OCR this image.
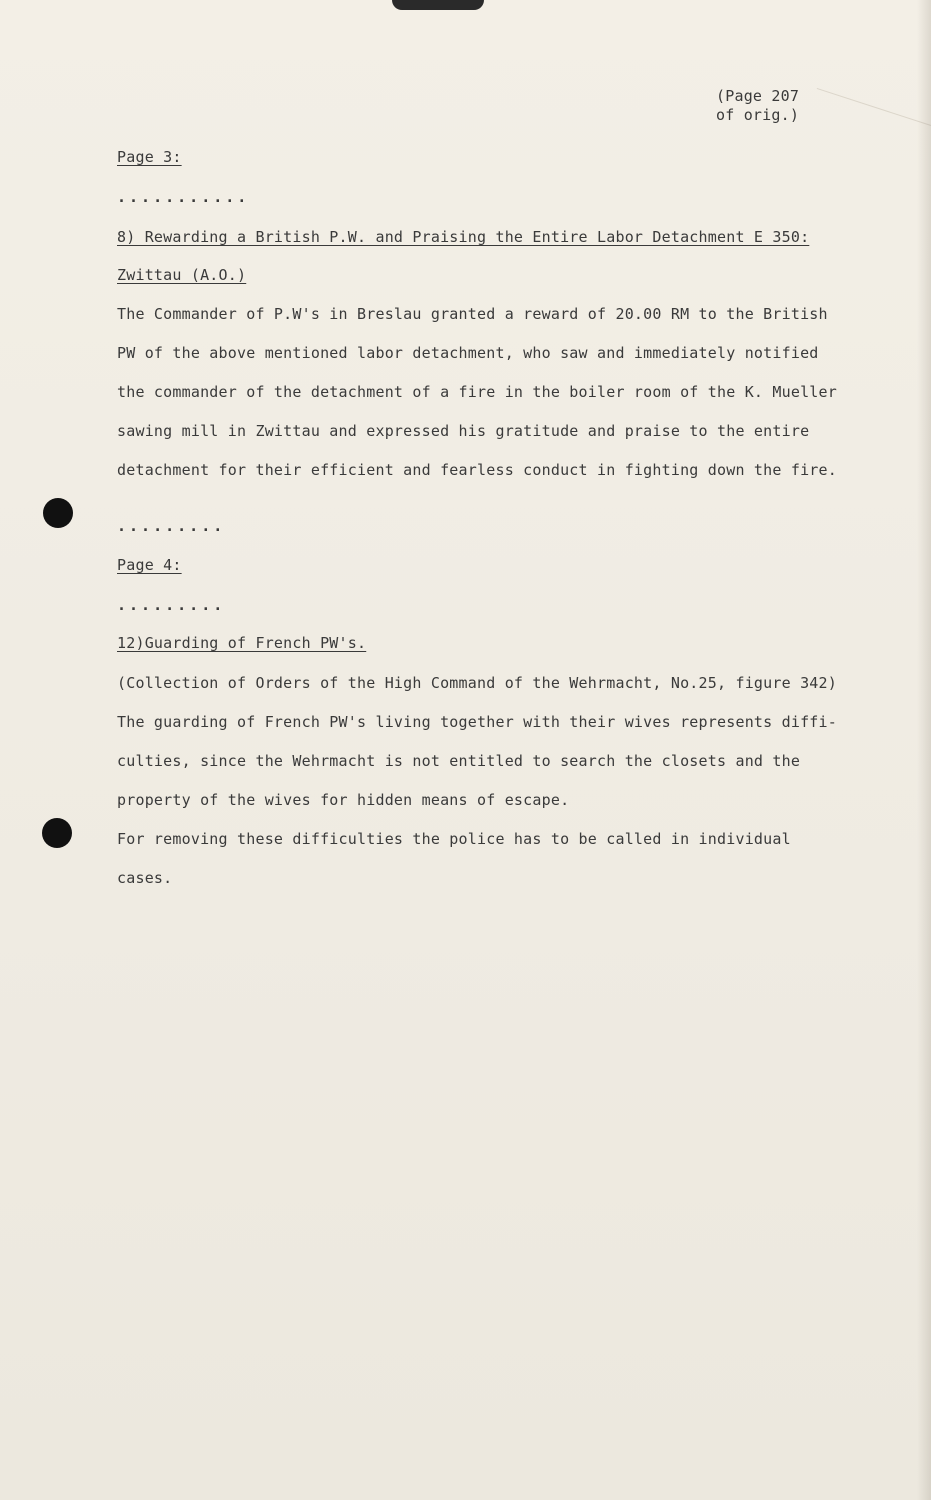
(Page 207
of orig.)
Page 3:
...........
8) Rewarding a British P.W. and Praising the Entire Labor Detachment E 350:
Zwittau (A.O.)
The Commander of P.W's in Breslau granted a reward of 20.00 RM to the British
PW of the above mentioned labor detachment, who saw and immediately notified
the commander of the detachment of a fire in the boiler room of the K. Mueller
sawing mill in Zwittau and expressed his gratitude and praise to the entire
detachment for their efficient and fearless conduct in fighting down the fire.
.........
Page 4:
.........
12)Guarding of French PW's.
(Collection of Orders of the High Command of the Wehrmacht, No.25, figure 342)
The guarding of French PW's living together with their wives represents diffi-
culties, since the Wehrmacht is not entitled to search the closets and the
property of the wives for hidden means of escape.
For removing these difficulties the police has to be called in individual
cases.
